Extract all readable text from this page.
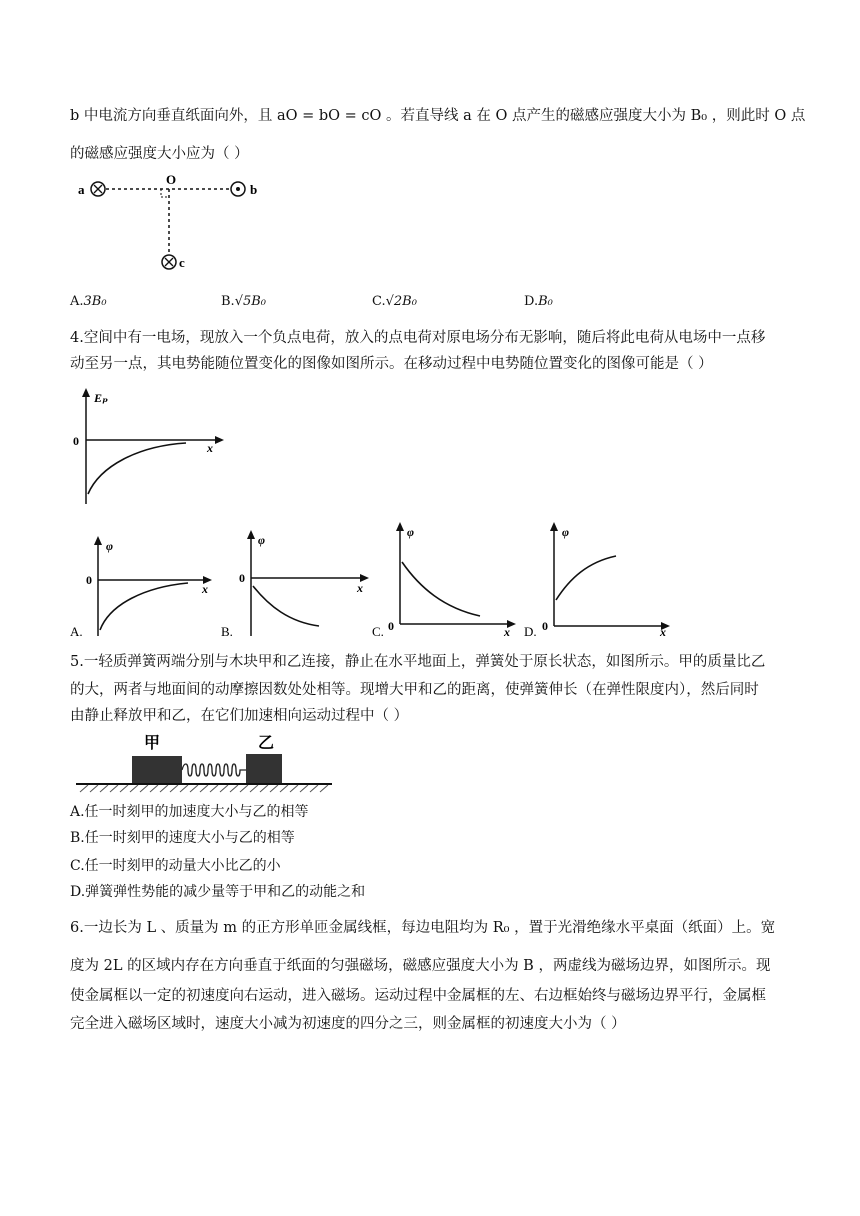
b 中电流方向垂直纸面向外，且 aO = bO = cO 。若直导线 a 在 O 点产生的磁感应强度大小为 B₀ ，则此时 O 点
的磁感应强度大小应为（ ）
a
O
b
c
A.3B₀	B.√5B₀	C.√2B₀	D.B₀
4.空间中有一电场，现放入一个负点电荷，放入的点电荷对原电场分布无影响，随后将此电荷从电场中一点移
动至另一点，其电势能随位置变化的图像如图所示。在移动过程中电势随位置变化的图像可能是（ ）
Eₚ
0	x
A.
φ
0
x
B.
φ
0
x
C.
φ
0	x D.
φ
0	x
5.一轻质弹簧两端分别与木块甲和乙连接，静止在水平地面上，弹簧处于原长状态，如图所示。甲的质量比乙
的大，两者与地面间的动摩擦因数处处相等。现增大甲和乙的距离，使弹簧伸长（在弹性限度内），然后同时
由静止释放甲和乙，在它们加速相向运动过程中（ ）
甲	乙
A.任一时刻甲的加速度大小与乙的相等
B.任一时刻甲的速度大小与乙的相等
C.任一时刻甲的动量大小比乙的小
D.弹簧弹性势能的减少量等于甲和乙的动能之和
6.一边长为 L 、质量为 m 的正方形单匝金属线框，每边电阻均为 R₀ ，置于光滑绝缘水平桌面（纸面）上。宽
度为 2L 的区域内存在方向垂直于纸面的匀强磁场，磁感应强度大小为 B ，两虚线为磁场边界，如图所示。现
使金属框以一定的初速度向右运动，进入磁场。运动过程中金属框的左、右边框始终与磁场边界平行，金属框
完全进入磁场区域时，速度大小减为初速度的四分之三，则金属框的初速度大小为（ ）
